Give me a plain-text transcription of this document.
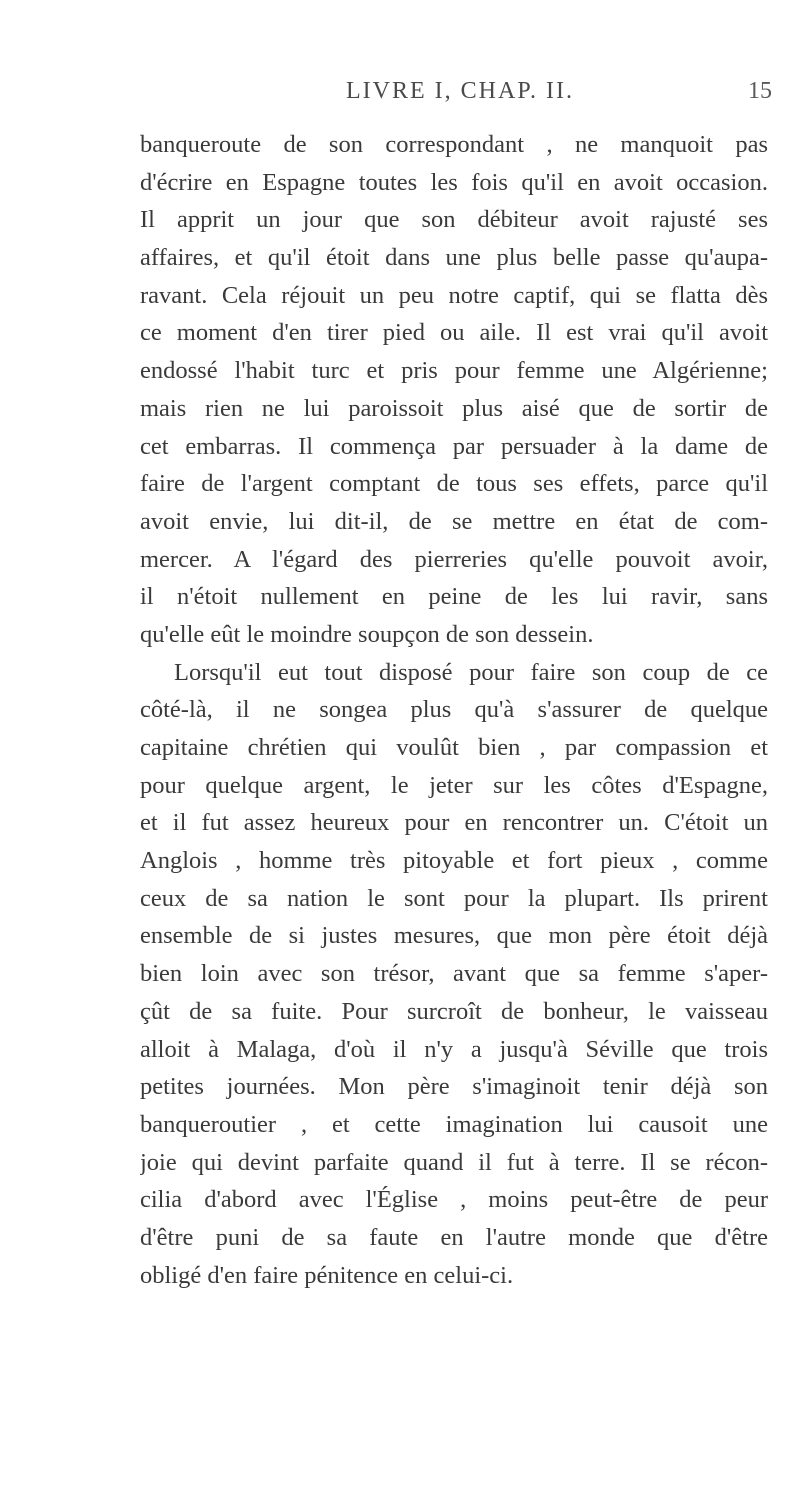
LIVRE I, CHAP. II.	15
banqueroute de son correspondant , ne manquoit pas
d'écrire en Espagne toutes les fois qu'il en avoit occasion.
Il apprit un jour que son débiteur avoit rajusté ses
affaires, et qu'il étoit dans une plus belle passe qu'aupa-
ravant. Cela réjouit un peu notre captif, qui se flatta dès
ce moment d'en tirer pied ou aile. Il est vrai qu'il avoit
endossé l'habit turc et pris pour femme une Algérienne;
mais rien ne lui paroissoit plus aisé que de sortir de
cet embarras. Il commença par persuader à la dame de
faire de l'argent comptant de tous ses effets, parce qu'il
avoit envie, lui dit-il, de se mettre en état de com-
mercer. A l'égard des pierreries qu'elle pouvoit avoir,
il n'étoit nullement en peine de les lui ravir, sans
qu'elle eût le moindre soupçon de son dessein.
Lorsqu'il eut tout disposé pour faire son coup de ce
côté-là, il ne songea plus qu'à s'assurer de quelque
capitaine chrétien qui voulût bien , par compassion et
pour quelque argent, le jeter sur les côtes d'Espagne,
et il fut assez heureux pour en rencontrer un. C'étoit un
Anglois , homme très pitoyable et fort pieux , comme
ceux de sa nation le sont pour la plupart. Ils prirent
ensemble de si justes mesures, que mon père étoit déjà
bien loin avec son trésor, avant que sa femme s'aper-
çût de sa fuite. Pour surcroît de bonheur, le vaisseau
alloit à Malaga, d'où il n'y a jusqu'à Séville que trois
petites journées. Mon père s'imaginoit tenir déjà son
banqueroutier , et cette imagination lui causoit une
joie qui devint parfaite quand il fut à terre. Il se récon-
cilia d'abord avec l'Église , moins peut-être de peur
d'être puni de sa faute en l'autre monde que d'être
obligé d'en faire pénitence en celui-ci.
